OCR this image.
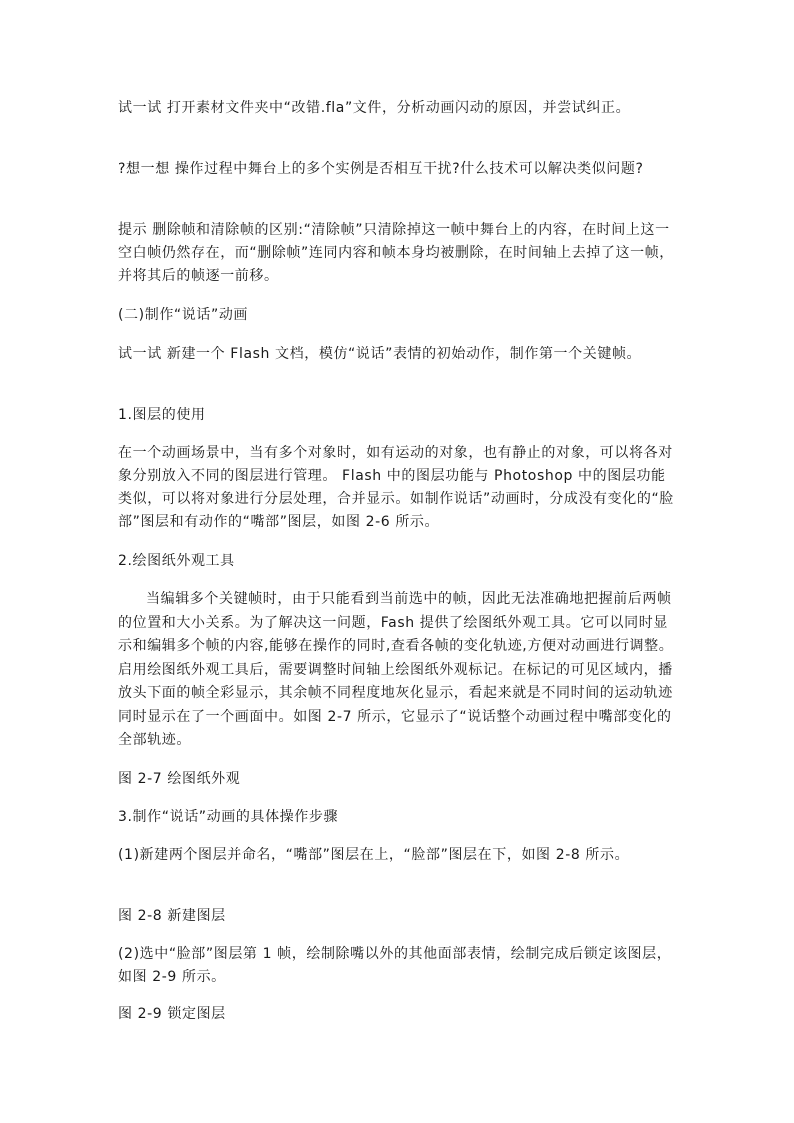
试一试 打开素材文件夹中“改错.fla”文件，分析动画闪动的原因，并尝试纠正。

?想一想 操作过程中舞台上的多个实例是否相互干扰?什么技术可以解决类似问题?

提示 删除帧和清除帧的区别:“清除帧”只清除掉这一帧中舞台上的内容，在时间上这一空白帧仍然存在，而“删除帧”连同内容和帧本身均被删除，在时间轴上去掉了这一帧，并将其后的帧逐一前移。

(二)制作“说话”动画

试一试 新建一个 Flash 文档，模仿“说话”表情的初始动作，制作第一个关键帧。

1.图层的使用

在一个动画场景中，当有多个对象时，如有运动的对象，也有静止的对象，可以将各对象分别放入不同的图层进行管理。 Flash 中的图层功能与 Photoshop 中的图层功能类似，可以将对象进行分层处理，合并显示。如制作说话”动画时，分成没有变化的“脸部”图层和有动作的“嘴部”图层，如图 2-6 所示。

2.绘图纸外观工具

当编辑多个关键帧时，由于只能看到当前选中的帧，因此无法准确地把握前后两帧的位置和大小关系。为了解决这一问题，Fash 提供了绘图纸外观工具。它可以同时显示和编辑多个帧的内容,能够在操作的同时,查看各帧的变化轨迹,方便对动画进行调整。启用绘图纸外观工具后，需要调整时间轴上绘图纸外观标记。在标记的可见区域内，播放头下面的帧全彩显示，其余帧不同程度地灰化显示，看起来就是不同时间的运动轨迹同时显示在了一个画面中。如图 2-7 所示，它显示了“说话整个动画过程中嘴部变化的全部轨迹。

图 2-7 绘图纸外观

3.制作“说话”动画的具体操作步骤

(1)新建两个图层并命名，“嘴部”图层在上，“脸部”图层在下，如图 2-8 所示。

图 2-8 新建图层

(2)选中“脸部”图层第 1 帧，绘制除嘴以外的其他面部表情，绘制完成后锁定该图层，如图 2-9 所示。

图 2-9 锁定图层
